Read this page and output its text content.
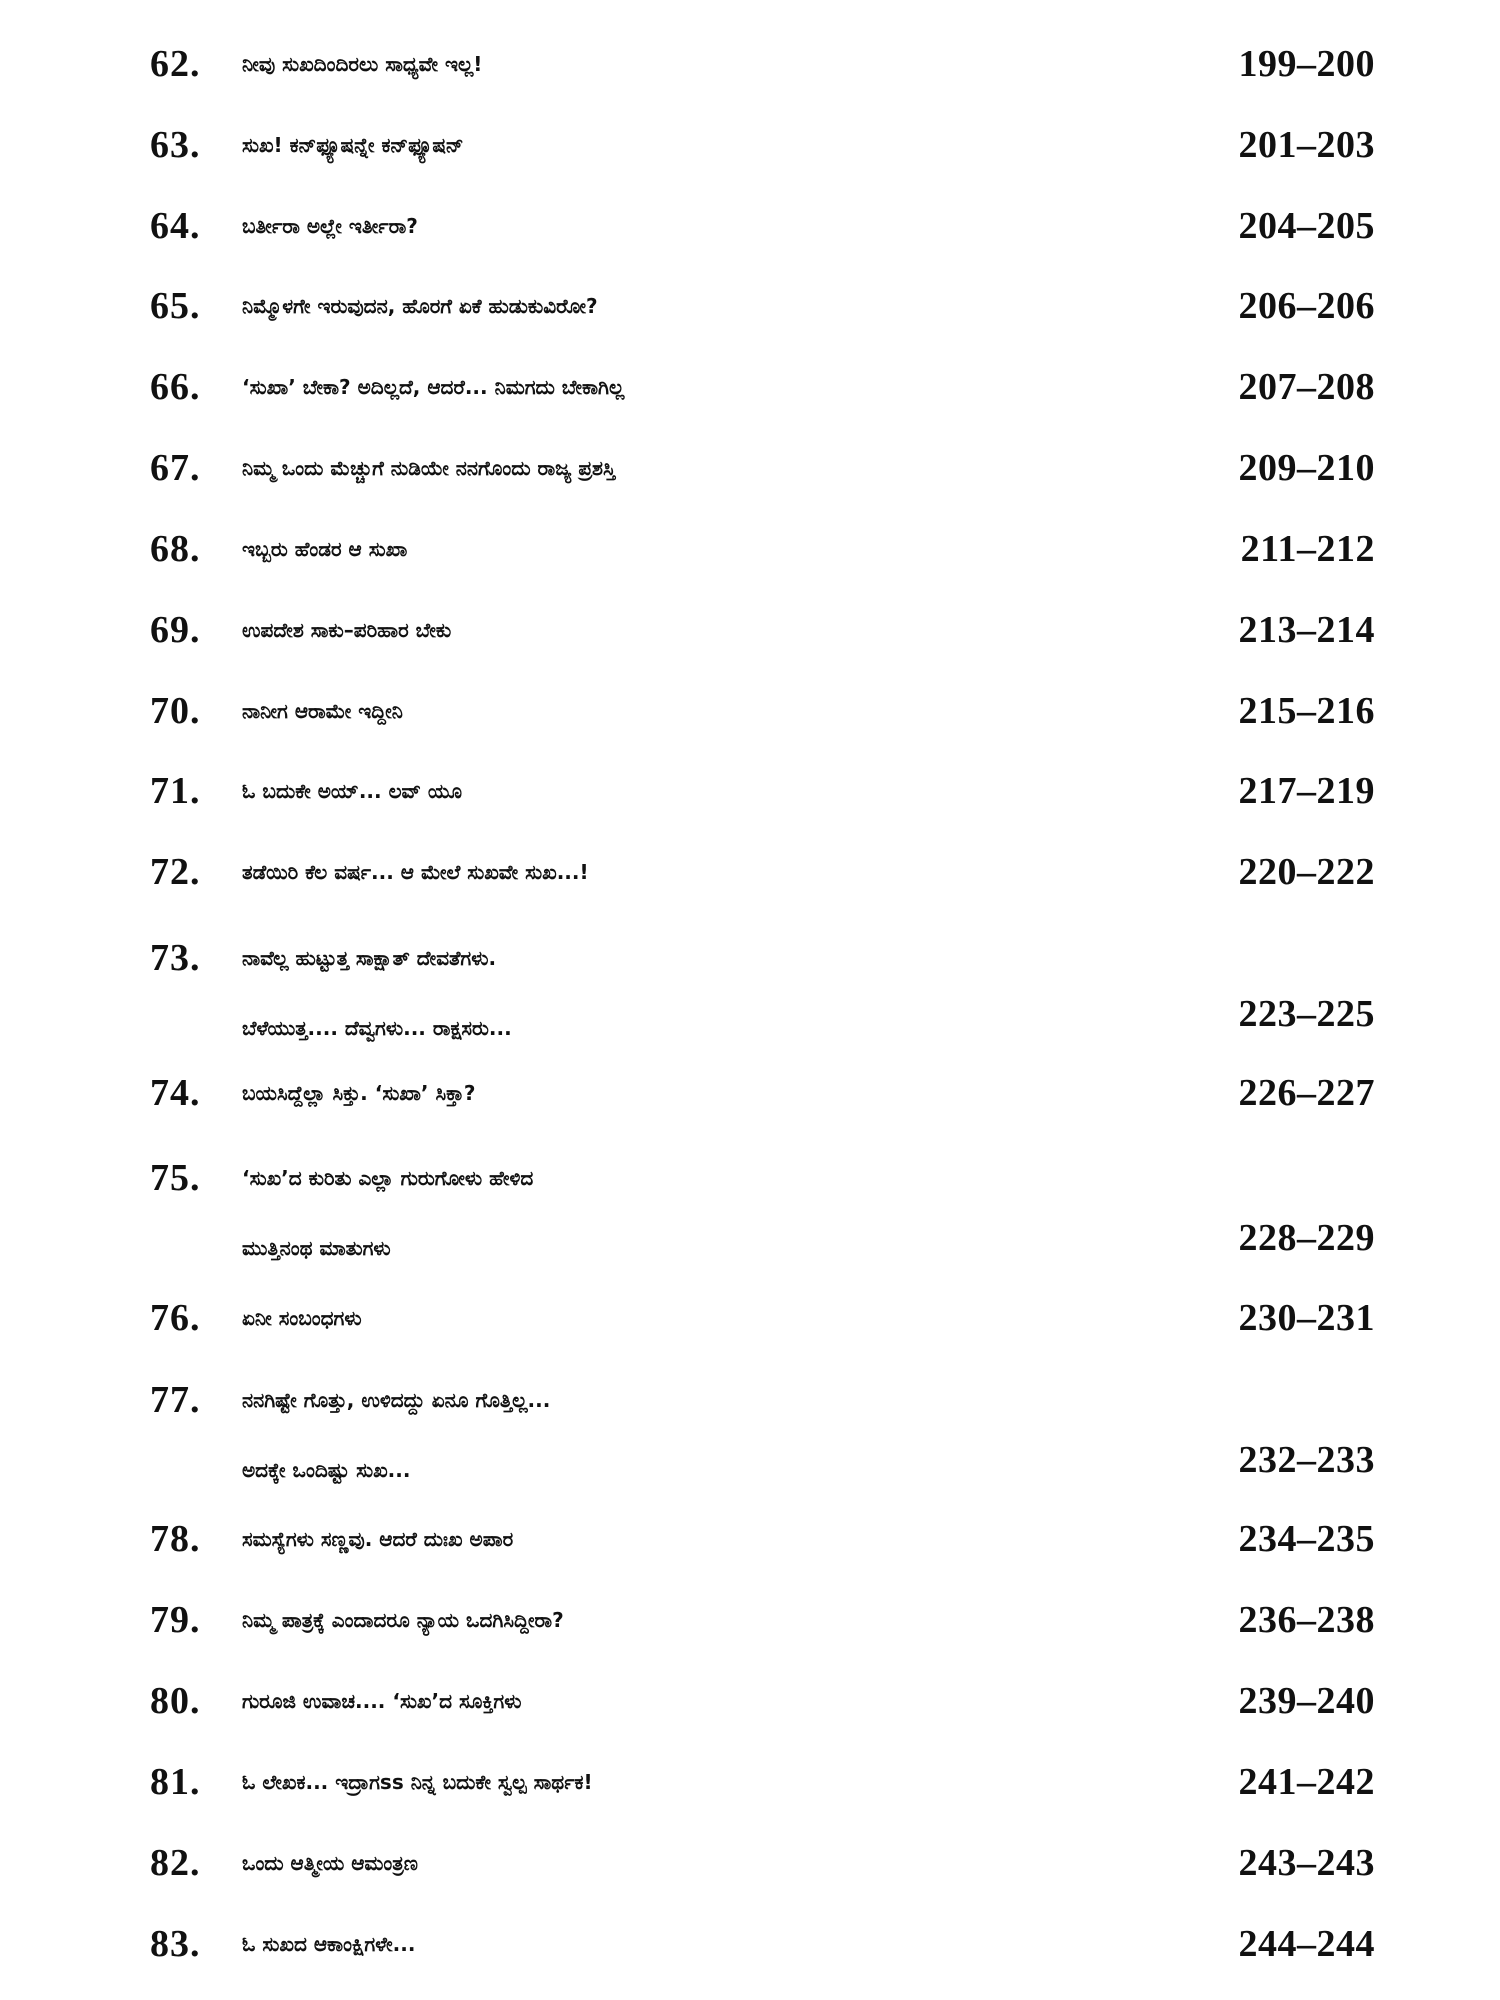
62.	ನೀವು ಸುಖದಿಂದಿರಲು ಸಾಧ್ಯವೇ ಇಲ್ಲ!	199–200
63.	ಸುಖ! ಕನ್‌ಫ್ಯೂಷನ್ನೇ ಕನ್‌ಫ್ಯೂಷನ್	201–203
64.	ಬರ್ತೀರಾ ಅಲ್ಲೇ ಇರ್ತೀರಾ?	204–205
65.	ನಿಮ್ಮೊಳಗೇ ಇರುವುದನ, ಹೊರಗೆ ಏಕೆ ಹುಡುಕುವಿರೋ?	206–206
66.	‘ಸುಖಾ’ ಬೇಕಾ? ಅದಿಲ್ಲದೆ, ಆದರೆ... ನಿಮಗದು ಬೇಕಾಗಿಲ್ಲ	207–208
67.	ನಿಮ್ಮ ಒಂದು ಮೆಚ್ಚುಗೆ ನುಡಿಯೇ ನನಗೊಂದು ರಾಜ್ಯ ಪ್ರಶಸ್ತಿ	209–210
68.	ಇಬ್ಬರು ಹೆಂಡರ ಆ ಸುಖಾ	211–212
69.	ಉಪದೇಶ ಸಾಕು–ಪರಿಹಾರ ಬೇಕು	213–214
70.	ನಾನೀಗ ಆರಾಮೇ ಇದ್ದೀನಿ	215–216
71.	ಓ ಬದುಕೇ ಅಯ್... ಲವ್ ಯೂ	217–219
72.	ತಡೆಯಿರಿ ಕೆಲ ವರ್ಷ... ಆ ಮೇಲೆ ಸುಖವೇ ಸುಖ...!	220–222
73.	ನಾವೆಲ್ಲ ಹುಟ್ಟುತ್ತ ಸಾಕ್ಷಾತ್ ದೇವತೆಗಳು.
ಬೆಳೆಯುತ್ತ.... ದೆವ್ವಗಳು... ರಾಕ್ಷಸರು...	223–225
74.	ಬಯಸಿದ್ದೆಲ್ಲಾ ಸಿಕ್ತು. ‘ಸುಖಾ’ ಸಿಕ್ತಾ?	226–227
75.	‘ಸುಖ’ದ ಕುರಿತು ಎಲ್ಲಾ ಗುರುಗೋಳು ಹೇಳಿದ
ಮುತ್ತಿನಂಥ ಮಾತುಗಳು	228–229
76.	ಏನೀ ಸಂಬಂಧಗಳು	230–231
77.	ನನಗಿಷ್ಟೇ ಗೊತ್ತು, ಉಳಿದದ್ದು ಏನೂ ಗೊತ್ತಿಲ್ಲ...
ಅದಕ್ಕೇ ಒಂದಿಷ್ಟು ಸುಖ...	232–233
78.	ಸಮಸ್ಯೆಗಳು ಸಣ್ಣವು. ಆದರೆ ದುಃಖ ಅಪಾರ	234–235
79.	ನಿಮ್ಮ ಪಾತ್ರಕ್ಕೆ ಎಂದಾದರೂ ನ್ಯಾಯ ಒದಗಿಸಿದ್ದೀರಾ?	236–238
80.	ಗುರೂಜಿ ಉವಾಚ.... ‘ಸುಖ’ದ ಸೂಕ್ತಿಗಳು	239–240
81.	ಓ ಲೇಖಕ... ಇದ್ರಾಗss ನಿನ್ನ ಬದುಕೇ ಸ್ವಲ್ಪ ಸಾರ್ಥಕ!	241–242
82.	ಒಂದು ಆತ್ಮೀಯ ಆಮಂತ್ರಣ	243–243
83.	ಓ ಸುಖದ ಆಕಾಂಕ್ಷಿಗಳೇ...	244–244
